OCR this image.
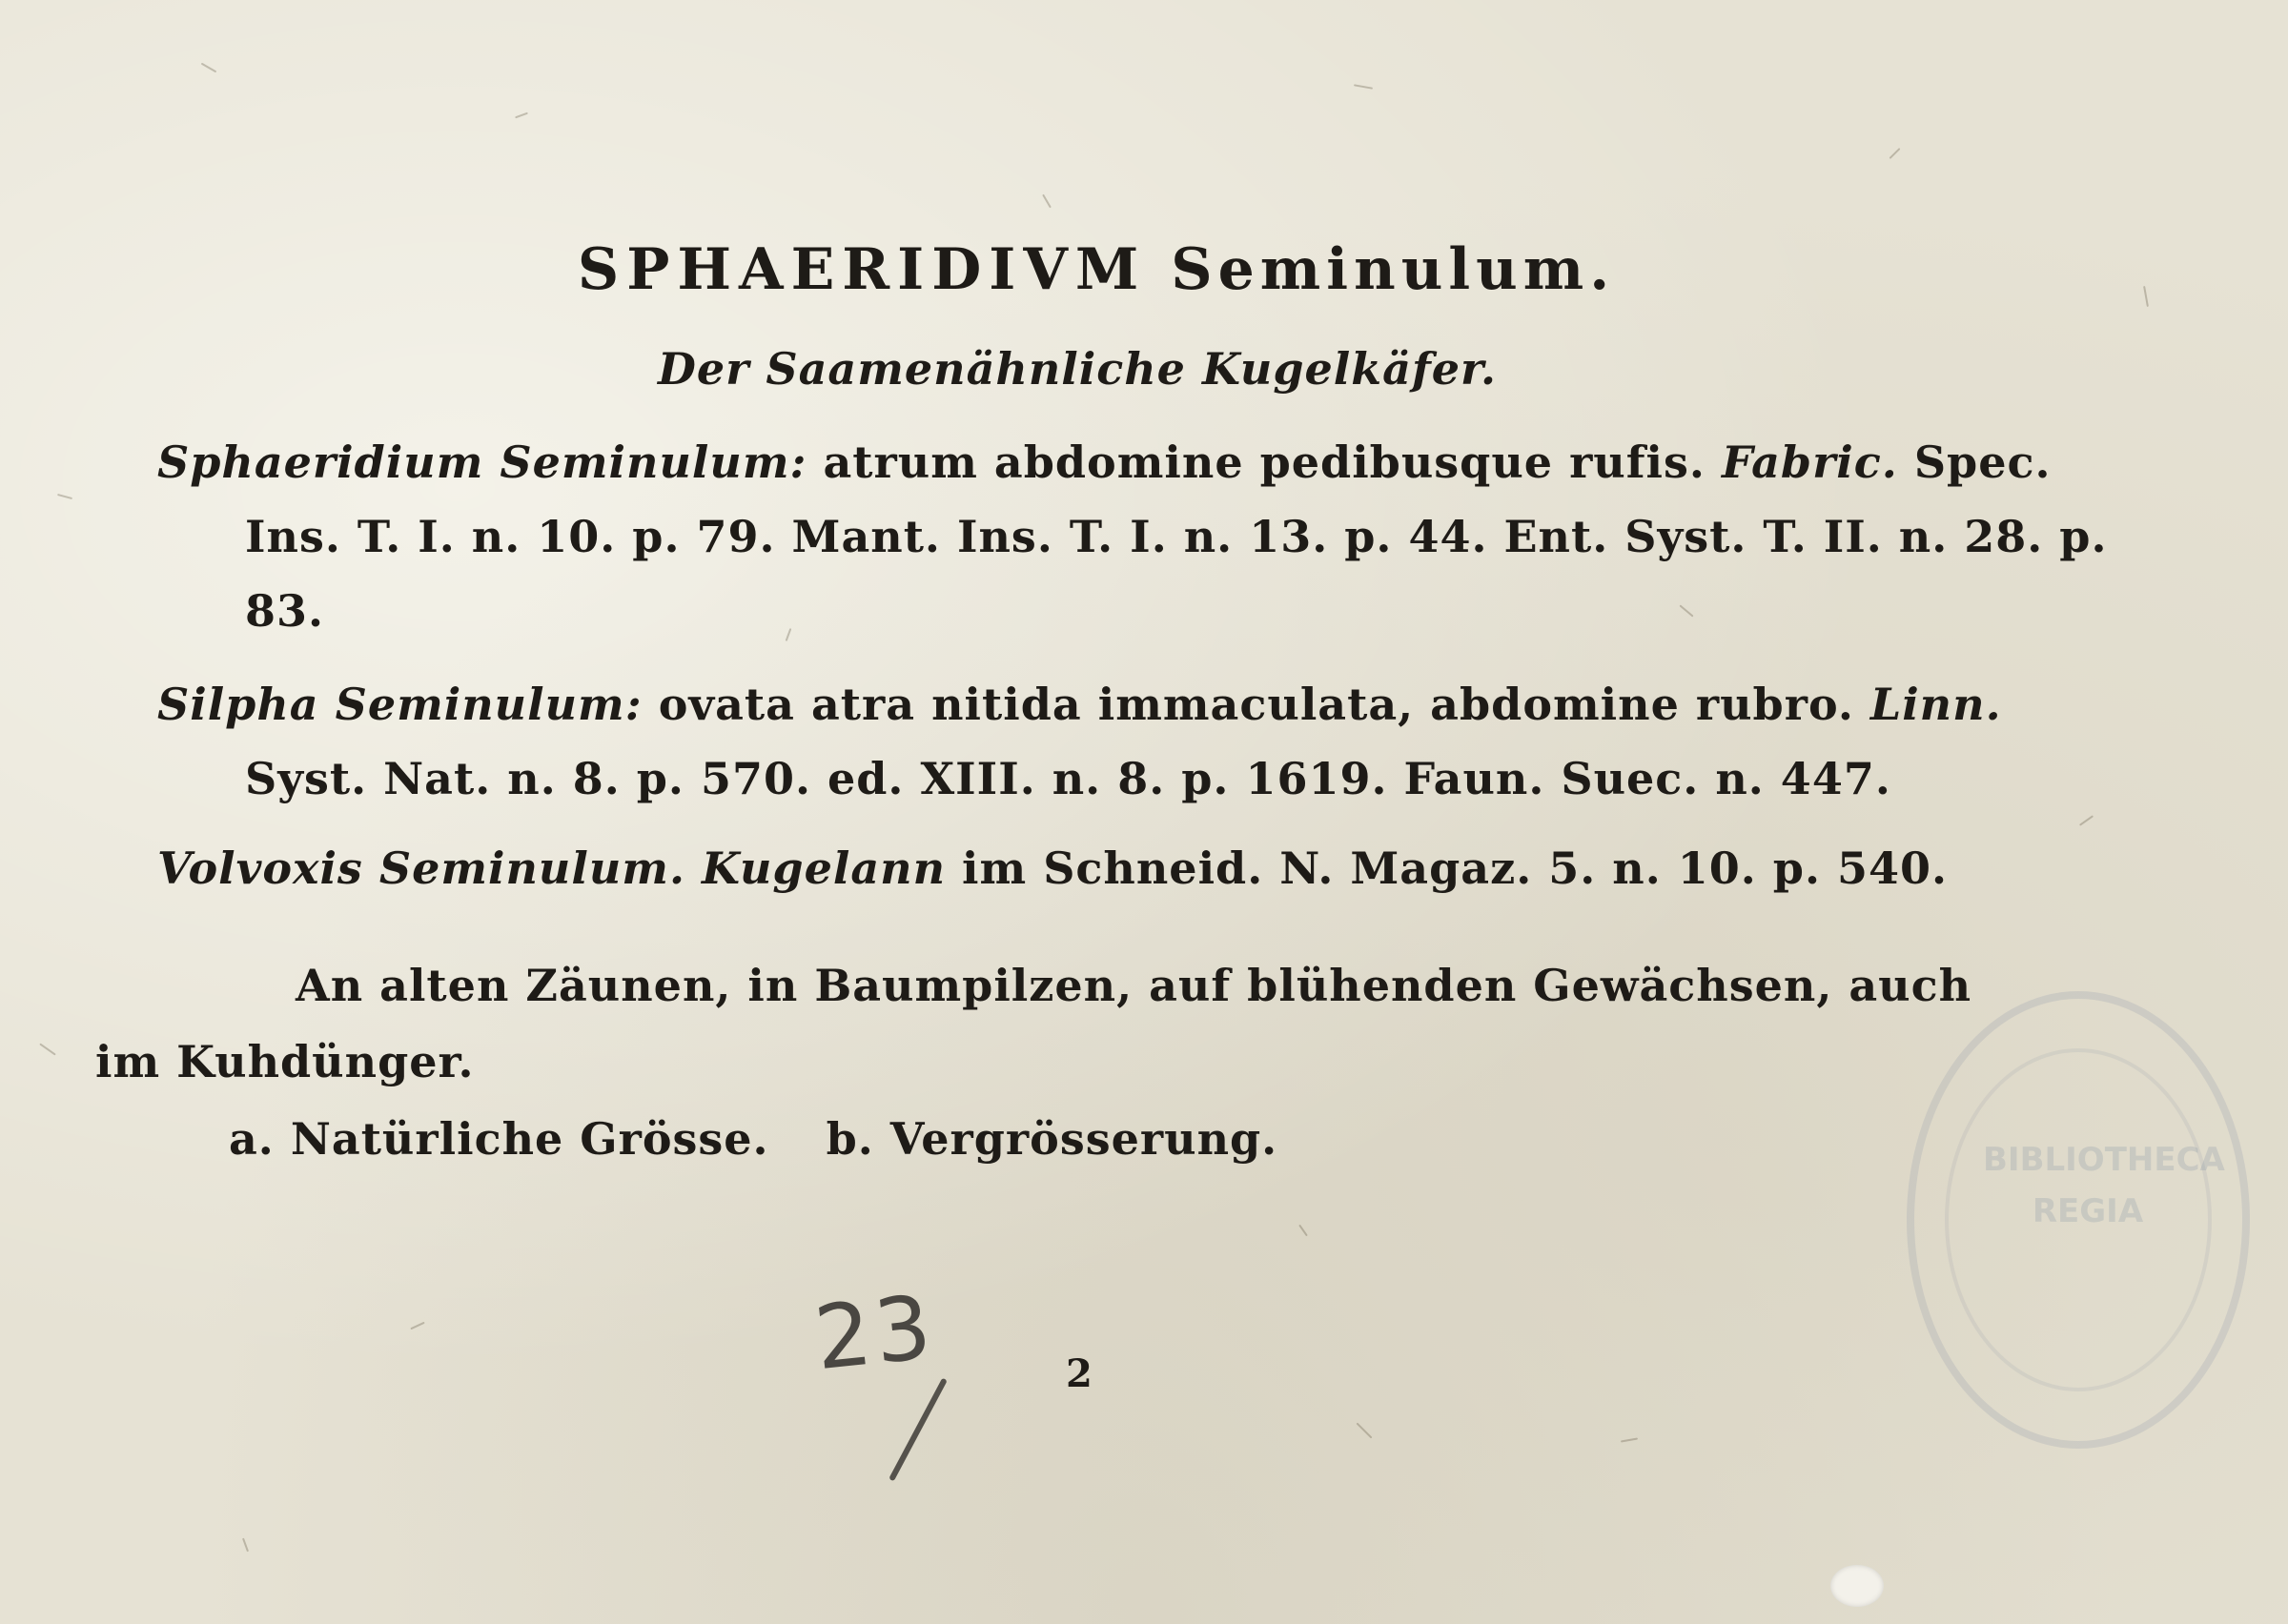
BIBLIOTHECA REGIA
SPHAERIDIVM Seminulum.
Der Saamenähnliche Kugelkäfer.
Sphaeridium Seminulum: atrum abdomine pedibusque rufis. Fabric. Spec. Ins. T. I. n. 10. p. 79. Mant. Ins. T. I. n. 13. p. 44. Ent. Syst. T. II. n. 28. p. 83.
Silpha Seminulum: ovata atra nitida immaculata, abdomine rubro. Linn. Syst. Nat. n. 8. p. 570. ed. XIII. n. 8. p. 1619. Faun. Suec. n. 447.
Volvoxis Seminulum. Kugelann im Schneid. N. Magaz. 5. n. 10. p. 540.
An alten Zäunen, in Baumpilzen, auf blühenden Gewächsen, auch im Kuhdünger.
a. Natürliche Grösse. b. Vergrösserung.
23	2
